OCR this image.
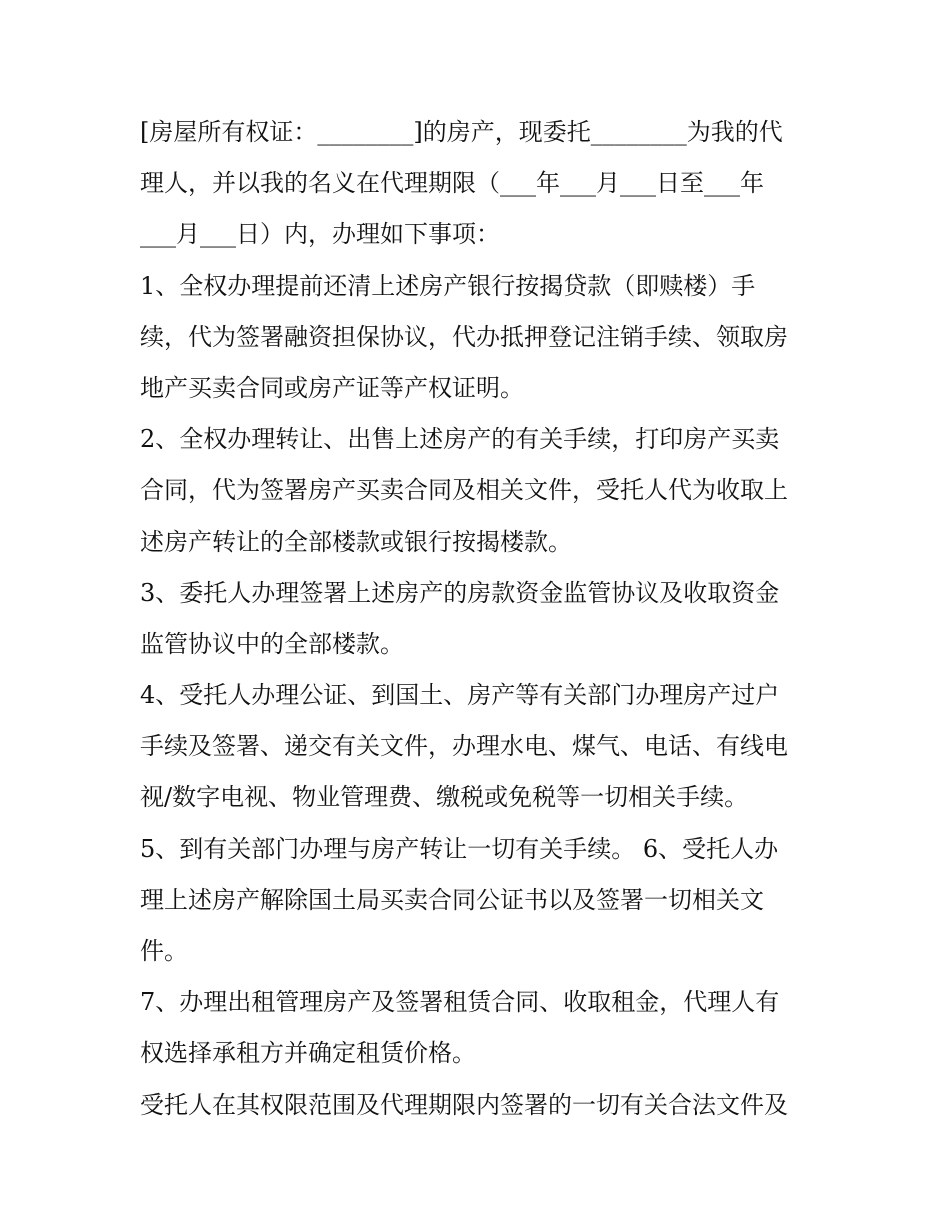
[房屋所有权证：________]的房产，现委托________为我的代
理人，并以我的名义在代理期限（___年___月___日至___年
___月___日）内，办理如下事项：
1、全权办理提前还清上述房产银行按揭贷款（即赎楼）手
续，代为签署融资担保协议，代办抵押登记注销手续、领取房
地产买卖合同或房产证等产权证明。
2、全权办理转让、出售上述房产的有关手续，打印房产买卖
合同，代为签署房产买卖合同及相关文件，受托人代为收取上
述房产转让的全部楼款或银行按揭楼款。
3、委托人办理签署上述房产的房款资金监管协议及收取资金
监管协议中的全部楼款。
4、受托人办理公证、到国土、房产等有关部门办理房产过户
手续及签署、递交有关文件，办理水电、煤气、电话、有线电
视/数字电视、物业管理费、缴税或免税等一切相关手续。
5、到有关部门办理与房产转让一切有关手续。 6、受托人办
理上述房产解除国土局买卖合同公证书以及签署一切相关文
件。
7、办理出租管理房产及签署租赁合同、收取租金，代理人有
权选择承租方并确定租赁价格。
受托人在其权限范围及代理期限内签署的一切有关合法文件及
